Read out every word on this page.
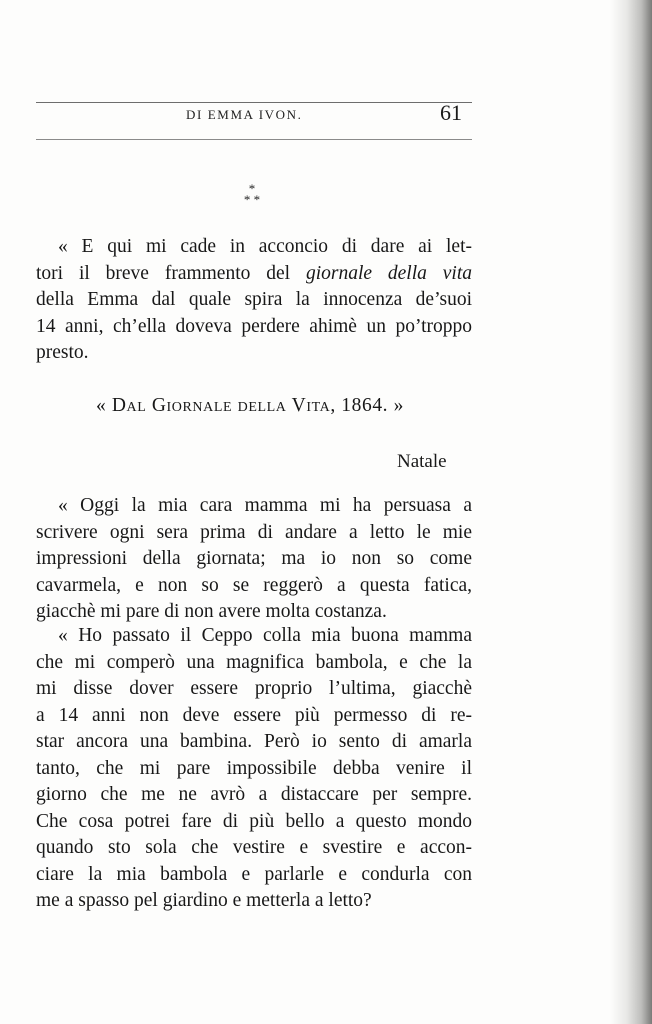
DI EMMA IVON.	61
*
* *
« E qui mi cade in acconcio di dare ai let-
tori il breve frammento del giornale della vita
della Emma dal quale spira la innocenza de’suoi
14 anni, ch’ella doveva perdere ahimè un po’troppo
presto.
« Dal Giornale della Vita, 1864. »
Natale
« Oggi la mia cara mamma mi ha persuasa a
scrivere ogni sera prima di andare a letto le mie
impressioni della giornata; ma io non so come
cavarmela, e non so se reggerò a questa fatica,
giacchè mi pare di non avere molta costanza.
« Ho passato il Ceppo colla mia buona mamma
che mi comperò una magnifica bambola, e che la
mi disse dover essere proprio l’ultima, giacchè
a 14 anni non deve essere più permesso di re-
star ancora una bambina. Però io sento di amarla
tanto, che mi pare impossibile debba venire il
giorno che me ne avrò a distaccare per sempre.
Che cosa potrei fare di più bello a questo mondo
quando sto sola che vestire e svestire e accon-
ciare la mia bambola e parlarle e condurla con
me a spasso pel giardino e metterla a letto?
